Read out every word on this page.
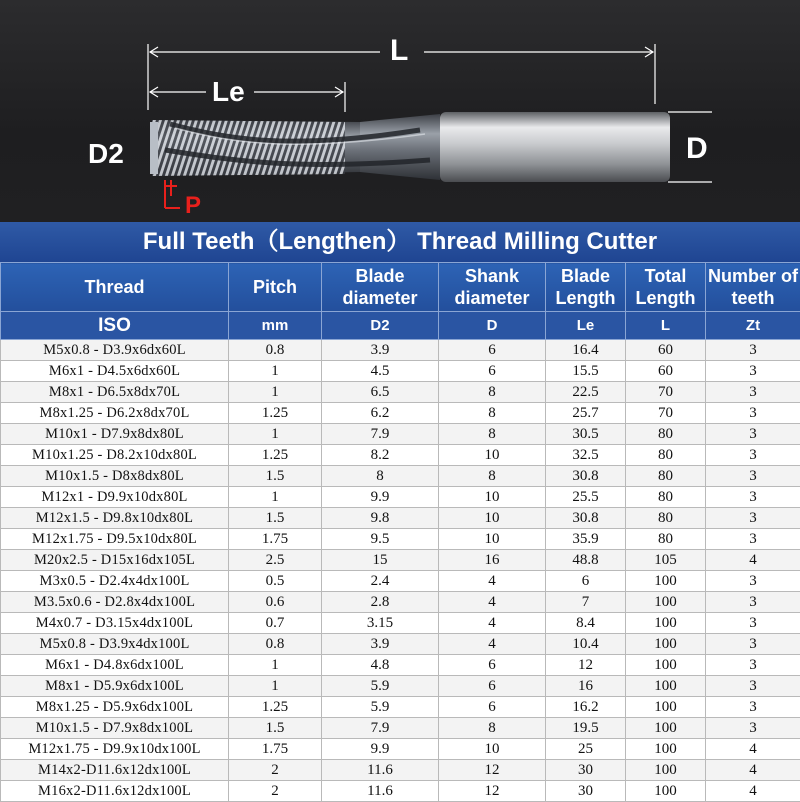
L
Le
D2	D
P
Full Teeth（Lengthen） Thread Milling Cutter
Thread	Pitch	Blade diameter	Shank diameter	Blade Length	Total Length	Number of teeth
ISO	mm	D2	D	Le	L	Zt
M5x0.8 - D3.9x6dx60L	0.8	3.9	6	16.4	60	3
M6x1 - D4.5x6dx60L	1	4.5	6	15.5	60	3
M8x1 - D6.5x8dx70L	1	6.5	8	22.5	70	3
M8x1.25 - D6.2x8dx70L	1.25	6.2	8	25.7	70	3
M10x1 - D7.9x8dx80L	1	7.9	8	30.5	80	3
M10x1.25 - D8.2x10dx80L	1.25	8.2	10	32.5	80	3
M10x1.5 - D8x8dx80L	1.5	8	8	30.8	80	3
M12x1 - D9.9x10dx80L	1	9.9	10	25.5	80	3
M12x1.5 - D9.8x10dx80L	1.5	9.8	10	30.8	80	3
M12x1.75 - D9.5x10dx80L	1.75	9.5	10	35.9	80	3
M20x2.5 - D15x16dx105L	2.5	15	16	48.8	105	4
M3x0.5 - D2.4x4dx100L	0.5	2.4	4	6	100	3
M3.5x0.6 - D2.8x4dx100L	0.6	2.8	4	7	100	3
M4x0.7 - D3.15x4dx100L	0.7	3.15	4	8.4	100	3
M5x0.8 - D3.9x4dx100L	0.8	3.9	4	10.4	100	3
M6x1 - D4.8x6dx100L	1	4.8	6	12	100	3
M8x1 - D5.9x6dx100L	1	5.9	6	16	100	3
M8x1.25 - D5.9x6dx100L	1.25	5.9	6	16.2	100	3
M10x1.5 - D7.9x8dx100L	1.5	7.9	8	19.5	100	3
M12x1.75 - D9.9x10dx100L	1.75	9.9	10	25	100	4
M14x2-D11.6x12dx100L	2	11.6	12	30	100	4
M16x2-D11.6x12dx100L	2	11.6	12	30	100	4
